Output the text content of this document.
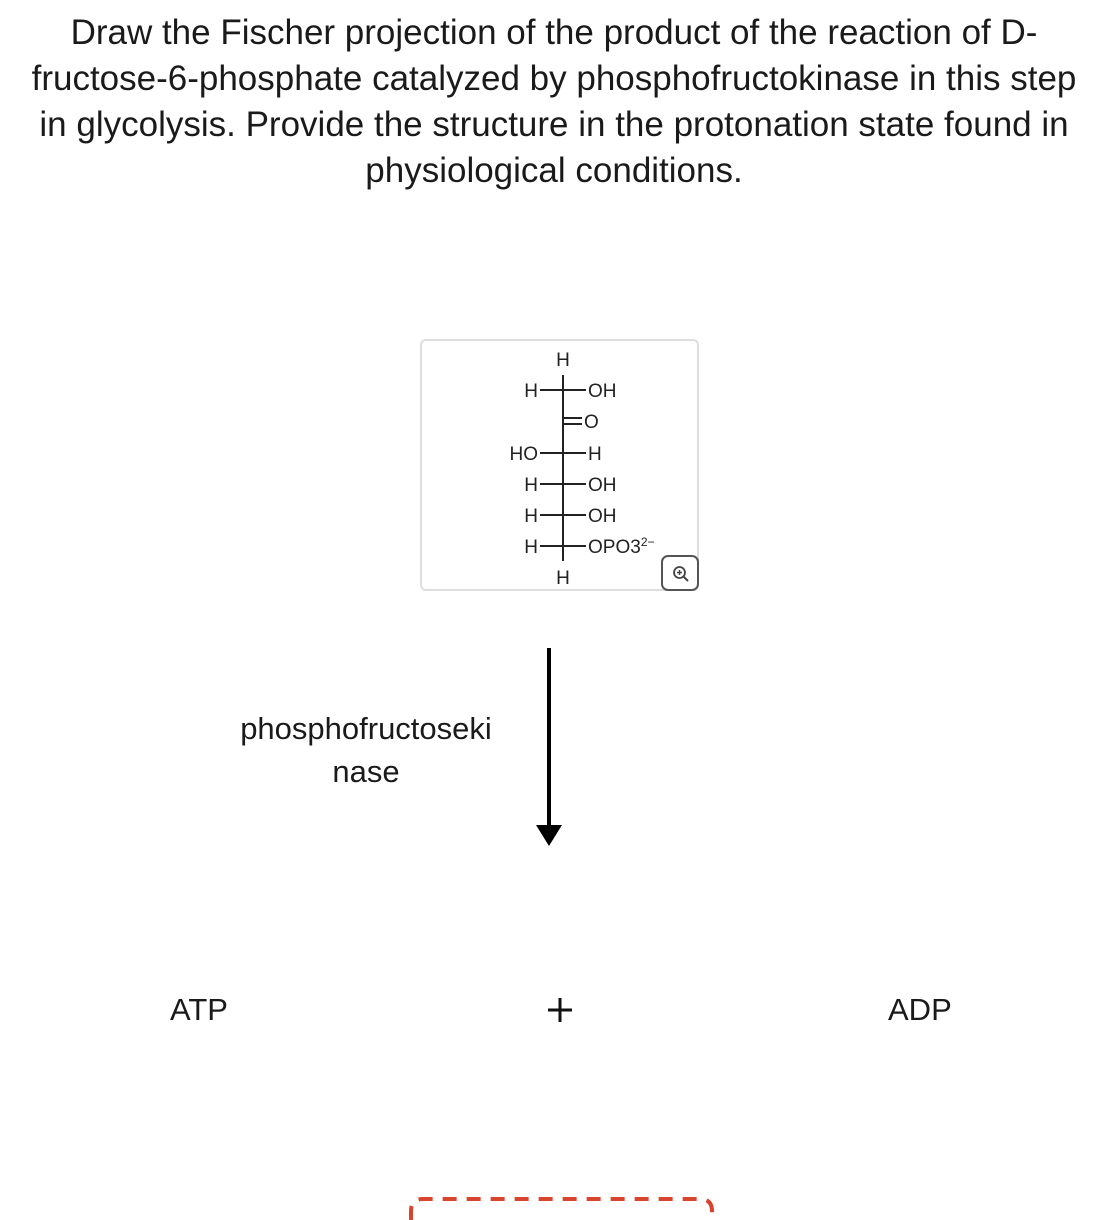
Draw the Fischer projection of the product of the reaction of D-fructose-6-phosphate catalyzed by phosphofructokinase in this step in glycolysis. Provide the structure in the protonation state found in physiological conditions.
H
H	OH
O
HO	H
H	OH
H	OH
H	$OPO3^{2-}$
H
phosphofructoseki
nase
ATP	ADP
